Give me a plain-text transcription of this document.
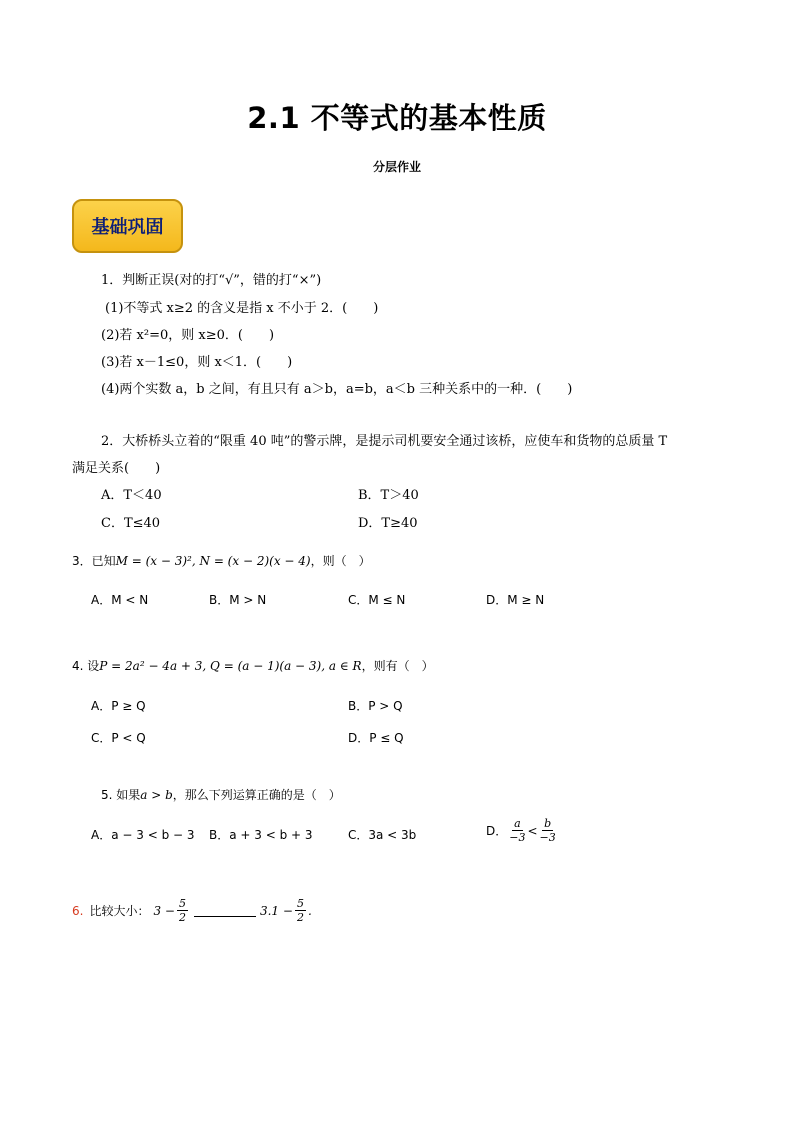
2.1 不等式的基本性质
分层作业
基础巩固
1．判断正误(对的打“√”，错的打“×”)
(1)不等式 x≥2 的含义是指 x 不小于 2．(　　)
(2)若 x²=0，则 x≥0．(　　)
(3)若 x－1≤0，则 x＜1．(　　)
(4)两个实数 a，b 之间，有且只有 a＞b，a=b，a＜b 三种关系中的一种．(　　)
2．大桥桥头立着的“限重 40 吨”的警示牌，是提示司机要安全通过该桥，应使车和货物的总质量 T
满足关系(　　)
A．T＜40	B．T＞40
C．T≤40	D．T≥40
3．已知M = (x − 3)², N = (x − 2)(x − 4)，则（　）
A．M < N	B．M > N	C．M ≤ N	D．M ≥ N
4. 设P = 2a² − 4a + 3, Q = (a − 1)(a − 3), a ∈ R，则有（　）
A．P ≥ Q	B．P > Q
C．P < Q	D．P ≤ Q
5. 如果a > b，那么下列运算正确的是（　）
A．a − 3 < b − 3 B．a + 3 < b + 3	C．3a < 3b	D． $\frac{a}{-3} < \frac{b}{-3}$
6. 比较大小： $3 - \frac{5}{2}$	$3.1 - \frac{5}{2}$ .
